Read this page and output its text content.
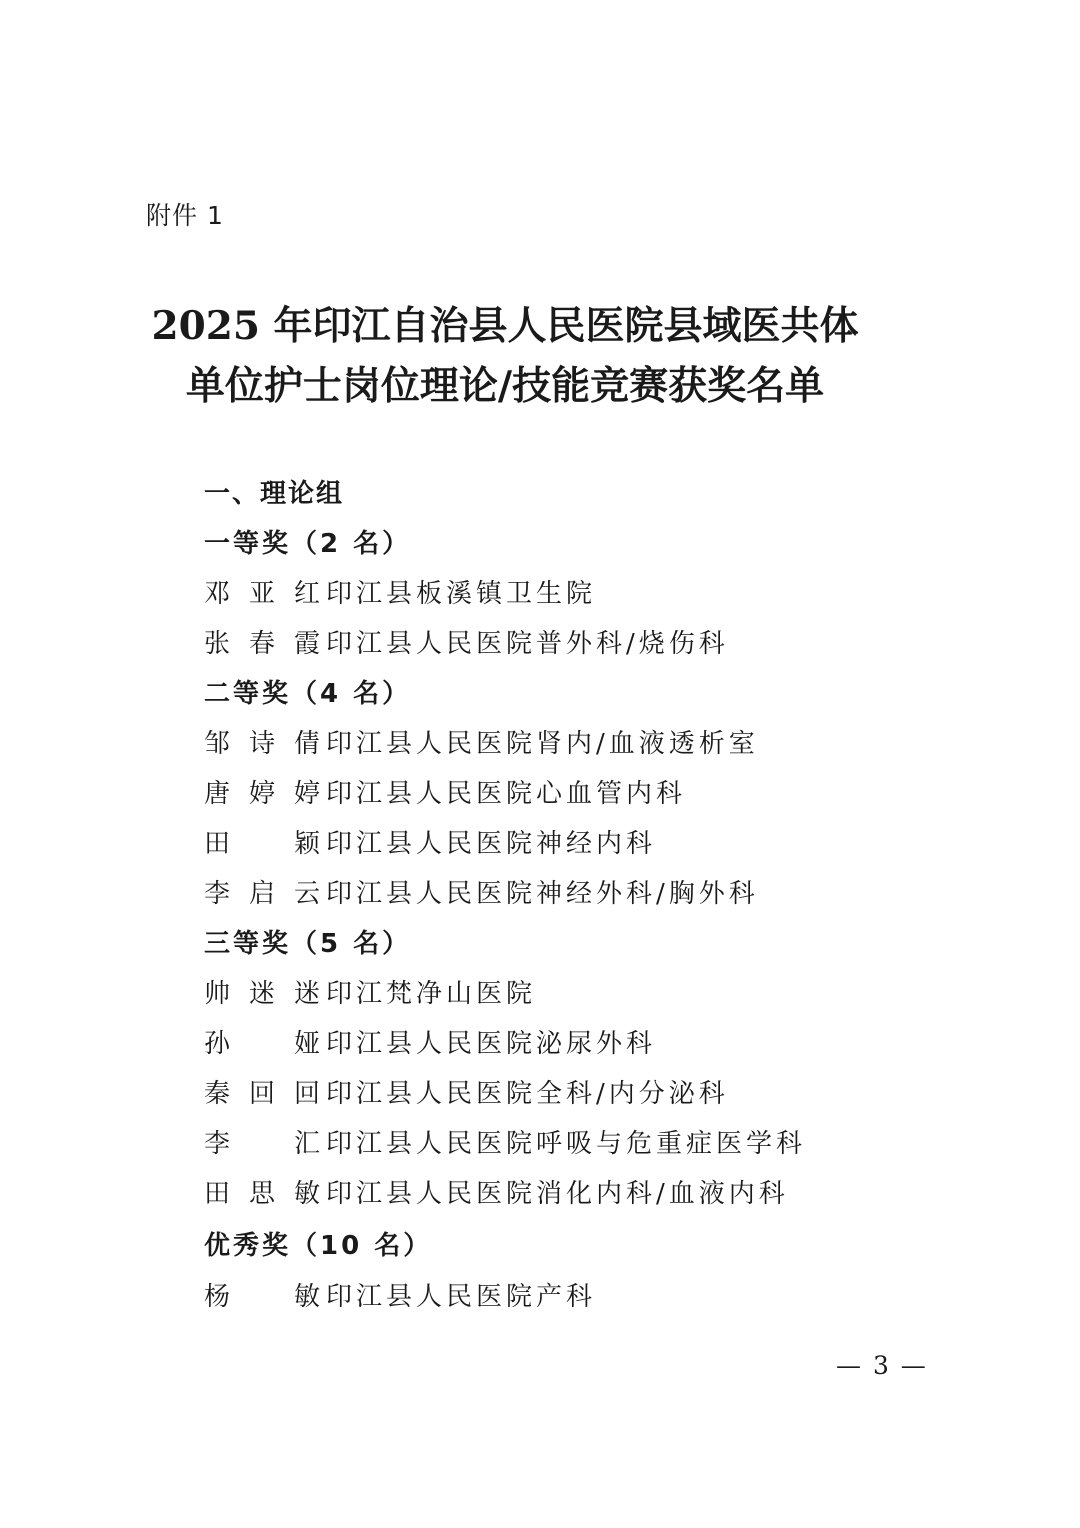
附件 1
2025 年印江自治县人民医院县域医共体
单位护士岗位理论/技能竞赛获奖名单
一、理论组
一等奖（2 名）
邓亚红 印江县板溪镇卫生院
张春霞 印江县人民医院普外科/烧伤科
二等奖（4 名）
邹诗倩 印江县人民医院肾内/血液透析室
唐婷婷 印江县人民医院心血管内科
田 颖 印江县人民医院神经内科
李启云 印江县人民医院神经外科/胸外科
三等奖（5 名）
帅迷迷 印江梵净山医院
孙 娅 印江县人民医院泌尿外科
秦回回 印江县人民医院全科/内分泌科
李 汇 印江县人民医院呼吸与危重症医学科
田思敏 印江县人民医院消化内科/血液内科
优秀奖（10 名）
杨 敏 印江县人民医院产科
— 3 —
